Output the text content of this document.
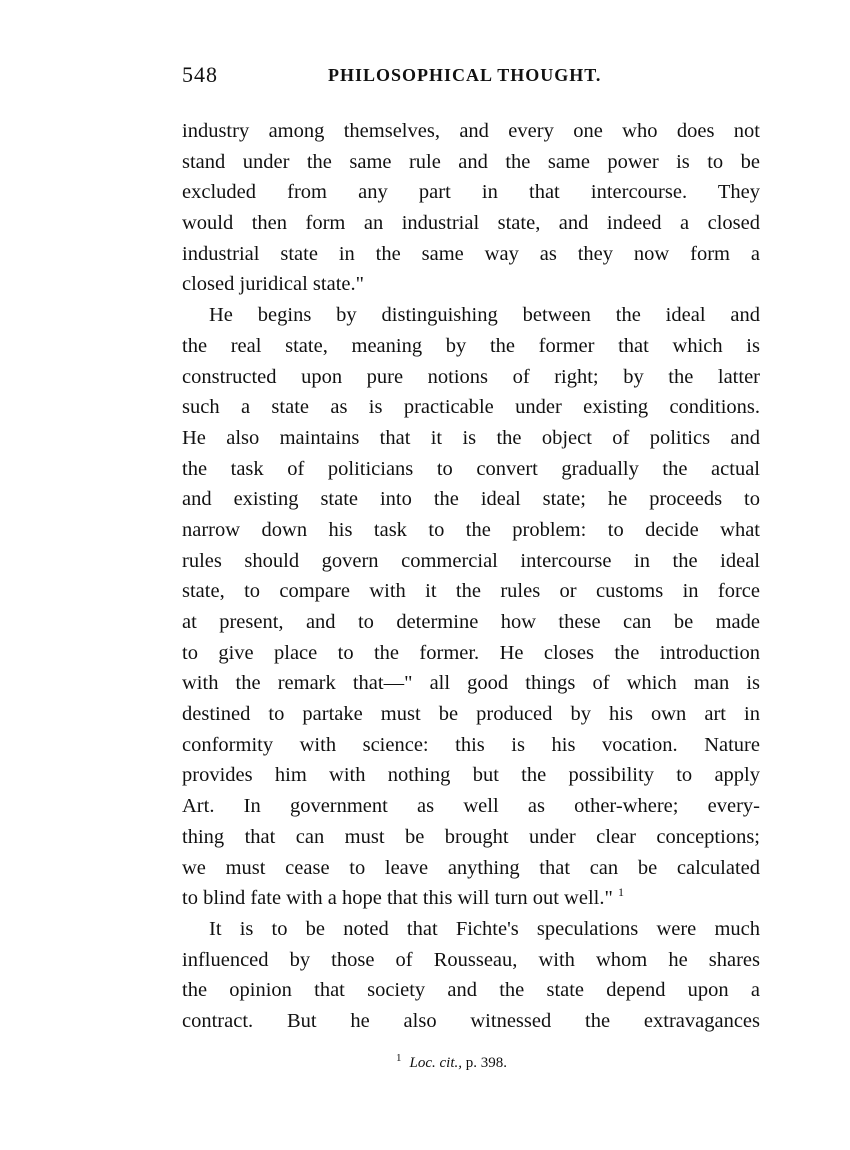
548	PHILOSOPHICAL THOUGHT.
industry among themselves, and every one who does not
stand under the same rule and the same power is to be
excluded from any part in that intercourse. They
would then form an industrial state, and indeed a closed
industrial state in the same way as they now form a
closed juridical state."
He begins by distinguishing between the ideal and
the real state, meaning by the former that which is
constructed upon pure notions of right; by the latter
such a state as is practicable under existing conditions.
He also maintains that it is the object of politics and
the task of politicians to convert gradually the actual
and existing state into the ideal state; he proceeds to
narrow down his task to the problem: to decide what
rules should govern commercial intercourse in the ideal
state, to compare with it the rules or customs in force
at present, and to determine how these can be made
to give place to the former. He closes the introduction
with the remark that—" all good things of which man is
destined to partake must be produced by his own art in
conformity with science: this is his vocation. Nature
provides him with nothing but the possibility to apply
Art. In government as well as other-where; every-
thing that can must be brought under clear conceptions;
we must cease to leave anything that can be calculated
to blind fate with a hope that this will turn out well." $^1$
It is to be noted that Fichte's speculations were much
influenced by those of Rousseau, with whom he shares
the opinion that society and the state depend upon a
contract. But he also witnessed the extravagances
$^1$ Loc. cit., p. 398.
